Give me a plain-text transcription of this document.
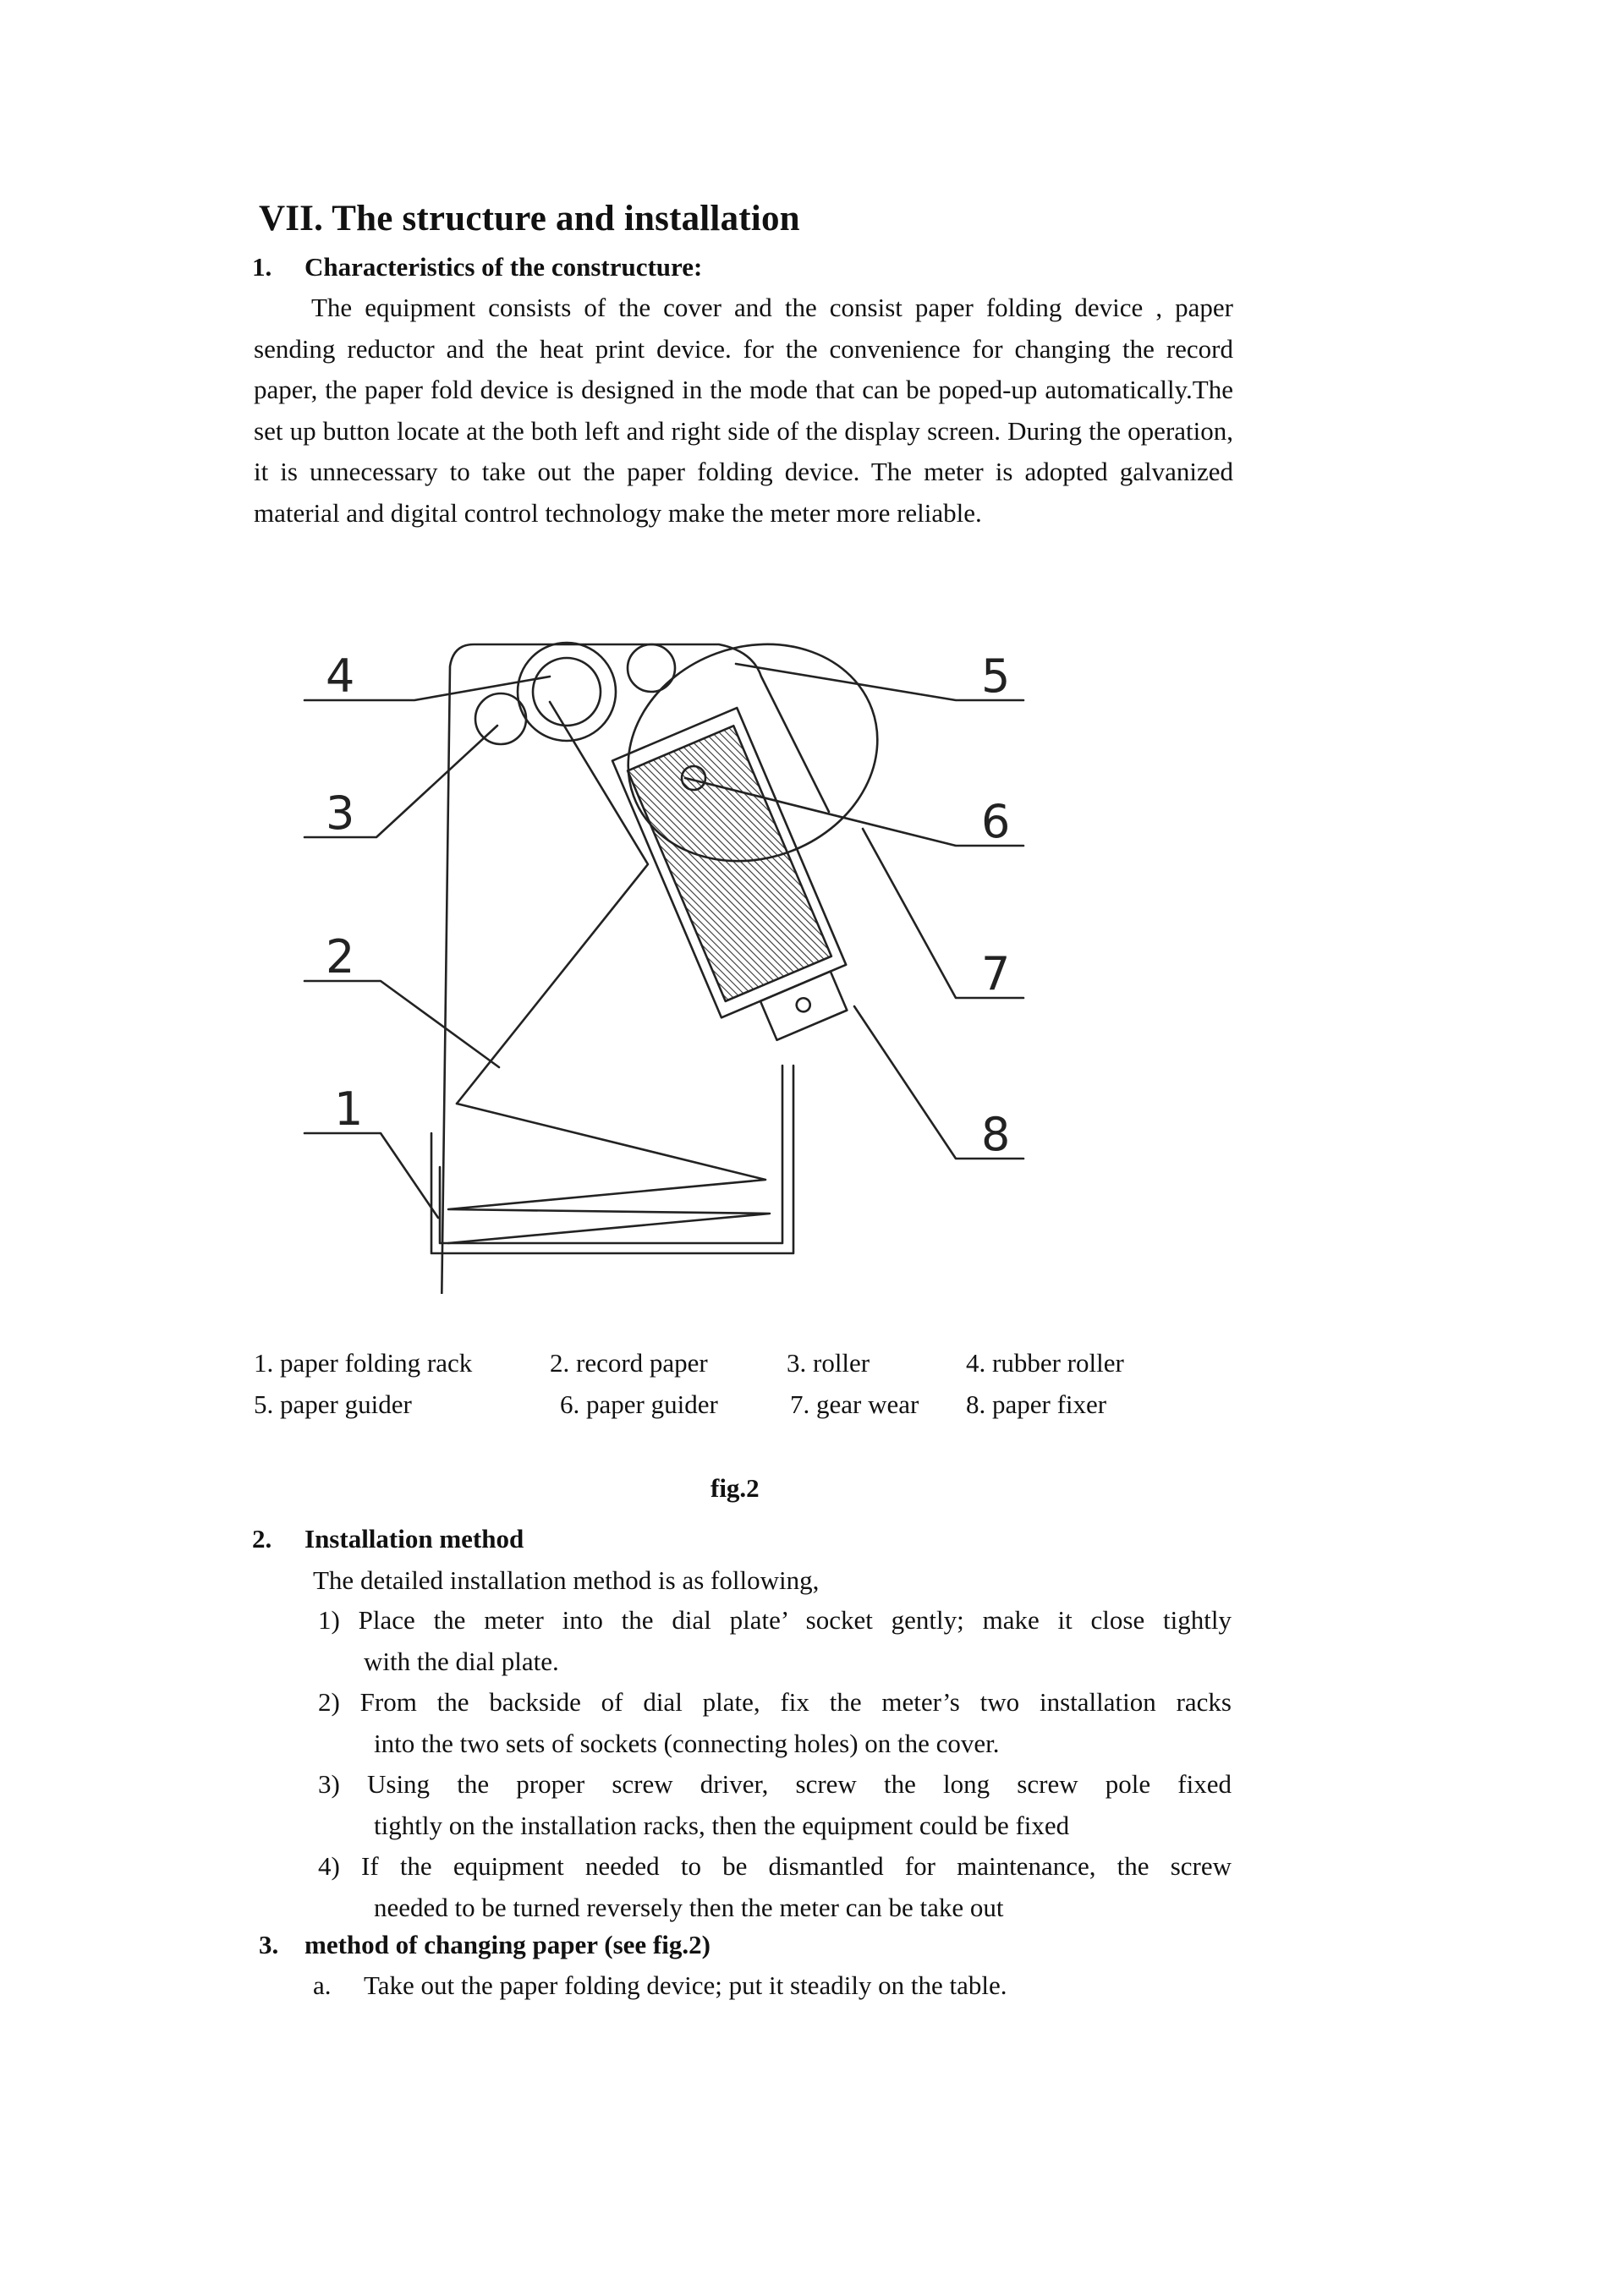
VII. The structure and installation
1. Characteristics of the constructure:
The equipment consists of the cover and the consist paper folding device , paper sending reductor and the heat print device. for the convenience for changing the record paper, the paper fold device is designed in the mode that can be poped-up automatically.The set up button locate at the both left and right side of the display screen. During the operation, it is unnecessary to take out the paper folding device. The meter is adopted galvanized material and digital control technology make the meter more reliable.
4
3
2
1
5
6
7
8
1. paper folding rack	2. record paper	3. roller	4. rubber roller
5. paper guider	6. paper guider	7. gear wear 8. paper fixer
fig.2
2. Installation method
The detailed installation method is as following,
1) Place the meter into the dial plate’ socket gently; make it close tightly
with the dial plate.
2) From the backside of dial plate, fix the meter’s two installation racks
into the two sets of sockets (connecting holes) on the cover.
3) Using the proper screw driver, screw the long screw pole fixed
tightly on the installation racks, then the equipment could be fixed
4) If the equipment needed to be dismantled for maintenance, the screw
needed to be turned reversely then the meter can be take out
3. method of changing paper (see fig.2)
a. Take out the paper folding device; put it steadily on the table.
